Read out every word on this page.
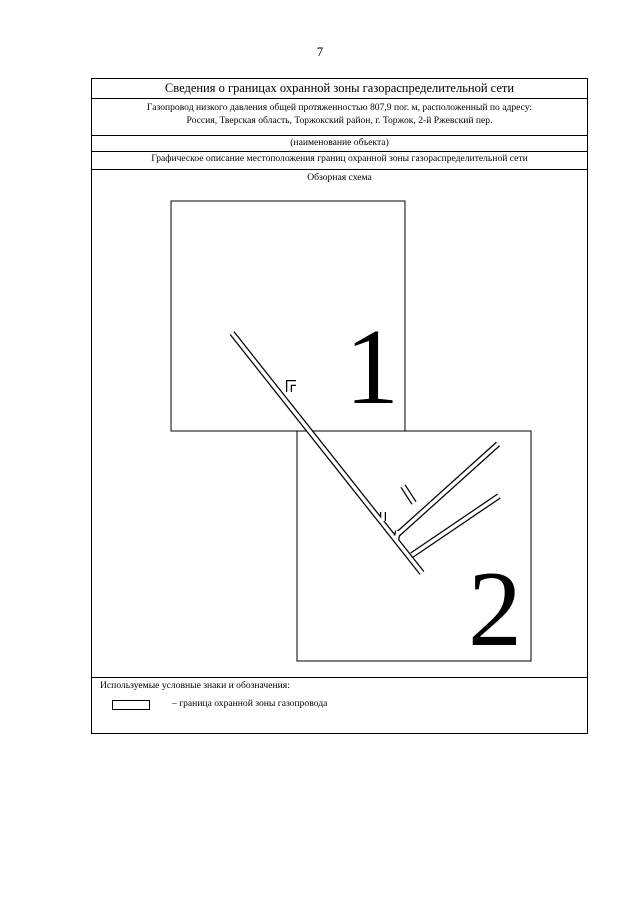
7
Сведения о границах охранной зоны газораспределительной сети
Газопровод низкого давления общей протяженностью 807,9 пог. м, расположенный по адресу:
Россия, Тверская область, Торжокский район, г. Торжок, 2-й Ржевский пер.
(наименование объекта)
Графическое описание местоположения границ охранной зоны газораспределительной сети
Обзорная схема
Используемые условные знаки и обозначения:
– граница охранной зоны газопровода
1
2
